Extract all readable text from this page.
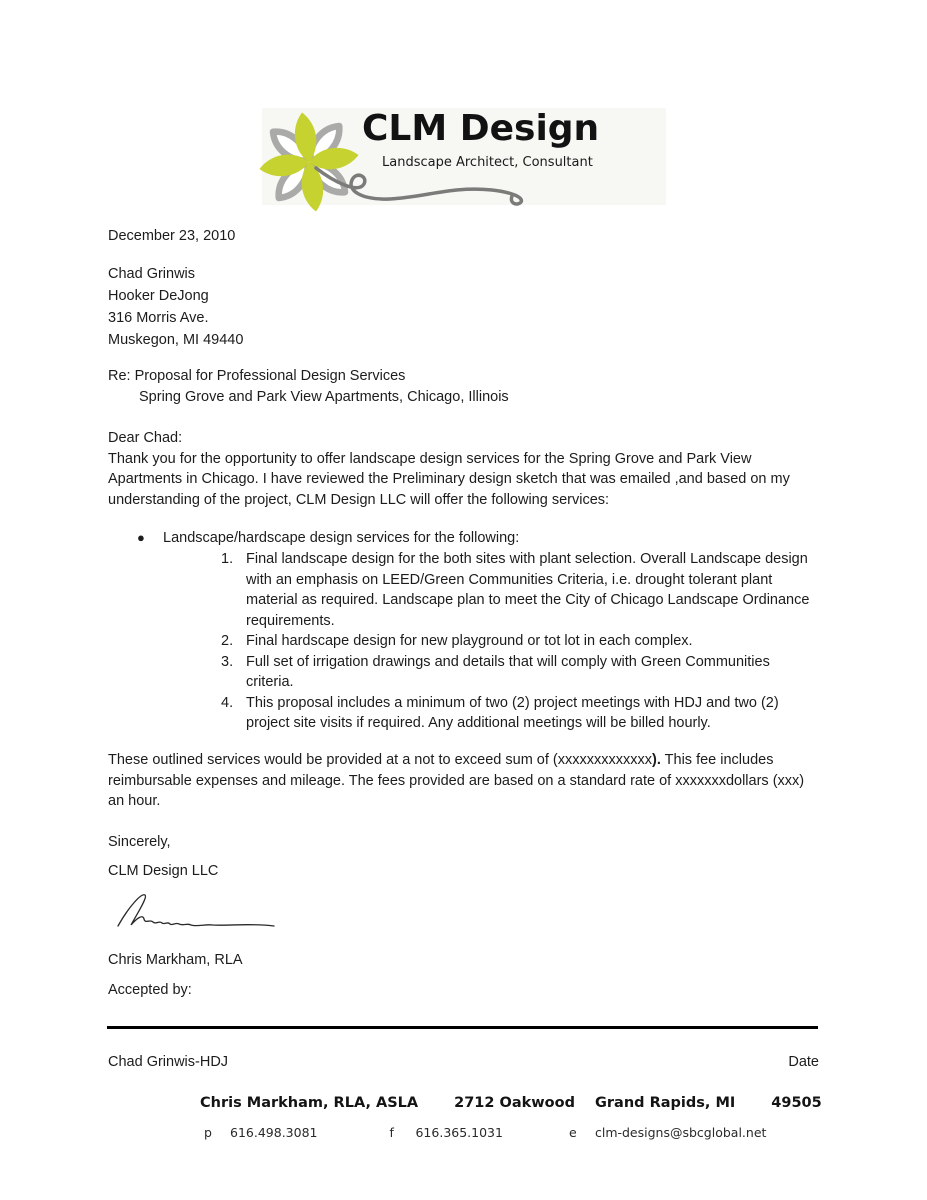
CLM Design
Landscape Architect, Consultant
December 23, 2010
Chad Grinwis
Hooker DeJong
316 Morris Ave.
Muskegon, MI 49440
Re: Proposal for Professional Design Services
Spring Grove and Park View Apartments, Chicago, Illinois
Dear Chad:
Thank you for the opportunity to offer landscape design services for the Spring Grove and Park View Apartments in Chicago. I have reviewed the Preliminary design sketch that was emailed ,and based on my understanding of the project, CLM Design LLC will offer the following services:
●	Landscape/hardscape design services for the following:
1. Final landscape design for the both sites with plant selection. Overall Landscape design with an emphasis on LEED/Green Communities Criteria, i.e. drought tolerant plant material as required. Landscape plan to meet the City of Chicago Landscape Ordinance requirements.
2. Final hardscape design for new playground or tot lot in each complex.
3. Full set of irrigation drawings and details that will comply with Green Communities criteria.
4. This proposal includes a minimum of two (2) project meetings with HDJ and two (2) project site visits if required. Any additional meetings will be billed hourly.
These outlined services would be provided at a not to exceed sum of (xxxxxxxxxxxxx). This fee includes reimbursable expenses and mileage. The fees provided are based on a standard rate of xxxxxxxdollars (xxx) an hour.
Sincerely,
CLM Design LLC
Chris Markham, RLA
Accepted by:
Chad Grinwis-HDJ	Date
Chris Markham, RLA, ASLA 2712 Oakwood Grand Rapids, MI 49505
p	616.498.3081	f	616.365.1031	e	clm-designs@sbcglobal.net
